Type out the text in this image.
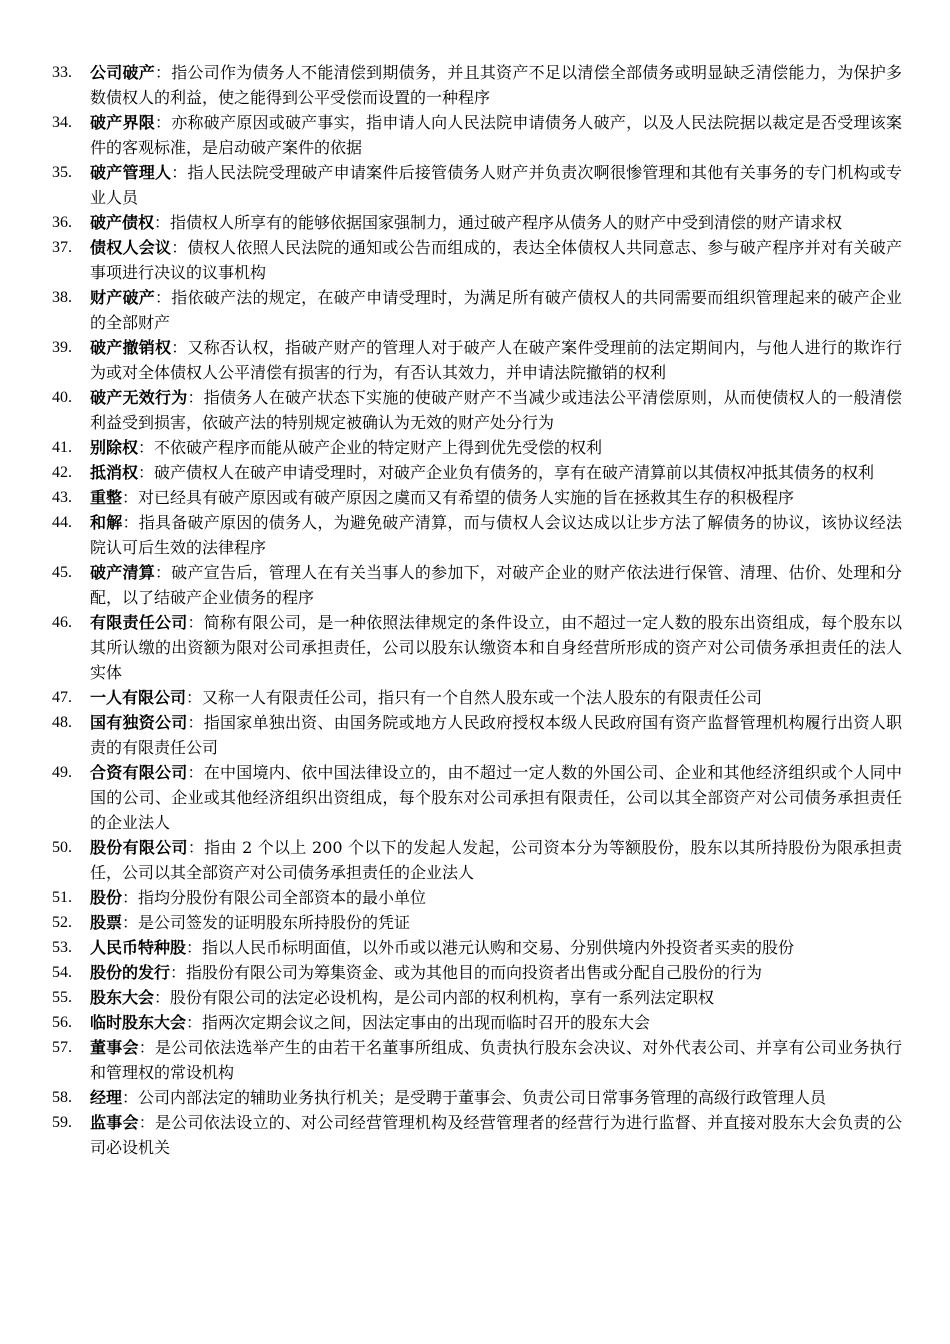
33.	公司破产：指公司作为债务人不能清偿到期债务，并且其资产不足以清偿全部债务或明显缺乏清偿能力，为保护多数债权人的利益，使之能得到公平受偿而设置的一种程序
34.	破产界限：亦称破产原因或破产事实，指申请人向人民法院申请债务人破产，以及人民法院据以裁定是否受理该案件的客观标准，是启动破产案件的依据
35.	破产管理人：指人民法院受理破产申请案件后接管债务人财产并负责次啊很惨管理和其他有关事务的专门机构或专业人员
36.	破产债权：指债权人所享有的能够依据国家强制力，通过破产程序从债务人的财产中受到清偿的财产请求权
37.	债权人会议：债权人依照人民法院的通知或公告而组成的，表达全体债权人共同意志、参与破产程序并对有关破产事项进行决议的议事机构
38.	财产破产：指依破产法的规定，在破产申请受理时，为满足所有破产债权人的共同需要而组织管理起来的破产企业的全部财产
39.	破产撤销权：又称否认权，指破产财产的管理人对于破产人在破产案件受理前的法定期间内，与他人进行的欺诈行为或对全体债权人公平清偿有损害的行为，有否认其效力，并申请法院撤销的权利
40.	破产无效行为：指债务人在破产状态下实施的使破产财产不当减少或违法公平清偿原则，从而使债权人的一般清偿利益受到损害，依破产法的特别规定被确认为无效的财产处分行为
41.	别除权：不依破产程序而能从破产企业的特定财产上得到优先受偿的权利
42.	抵消权：破产债权人在破产申请受理时，对破产企业负有债务的，享有在破产清算前以其债权冲抵其债务的权利
43.	重整：对已经具有破产原因或有破产原因之虞而又有希望的债务人实施的旨在拯救其生存的积极程序
44.	和解：指具备破产原因的债务人，为避免破产清算，而与债权人会议达成以让步方法了解债务的协议，该协议经法院认可后生效的法律程序
45.	破产清算：破产宣告后，管理人在有关当事人的参加下，对破产企业的财产依法进行保管、清理、估价、处理和分配，以了结破产企业债务的程序
46.	有限责任公司：简称有限公司，是一种依照法律规定的条件设立，由不超过一定人数的股东出资组成，每个股东以其所认缴的出资额为限对公司承担责任，公司以股东认缴资本和自身经营所形成的资产对公司债务承担责任的法人实体
47.	一人有限公司：又称一人有限责任公司，指只有一个自然人股东或一个法人股东的有限责任公司
48.	国有独资公司：指国家单独出资、由国务院或地方人民政府授权本级人民政府国有资产监督管理机构履行出资人职责的有限责任公司
49.	合资有限公司：在中国境内、依中国法律设立的，由不超过一定人数的外国公司、企业和其他经济组织或个人同中国的公司、企业或其他经济组织出资组成，每个股东对公司承担有限责任，公司以其全部资产对公司债务承担责任的企业法人
50.	股份有限公司：指由 2 个以上 200 个以下的发起人发起，公司资本分为等额股份，股东以其所持股份为限承担责任，公司以其全部资产对公司债务承担责任的企业法人
51.	股份：指均分股份有限公司全部资本的最小单位
52.	股票：是公司签发的证明股东所持股份的凭证
53.	人民币特种股：指以人民币标明面值，以外币或以港元认购和交易、分别供境内外投资者买卖的股份
54.	股份的发行：指股份有限公司为筹集资金、或为其他目的而向投资者出售或分配自己股份的行为
55.	股东大会：股份有限公司的法定必设机构，是公司内部的权利机构，享有一系列法定职权
56.	临时股东大会：指两次定期会议之间，因法定事由的出现而临时召开的股东大会
57.	董事会：是公司依法选举产生的由若干名董事所组成、负责执行股东会决议、对外代表公司、并享有公司业务执行和管理权的常设机构
58.	经理：公司内部法定的辅助业务执行机关；是受聘于董事会、负责公司日常事务管理的高级行政管理人员
59.	监事会：是公司依法设立的、对公司经营管理机构及经营管理者的经营行为进行监督、并直接对股东大会负责的公司必设机关
